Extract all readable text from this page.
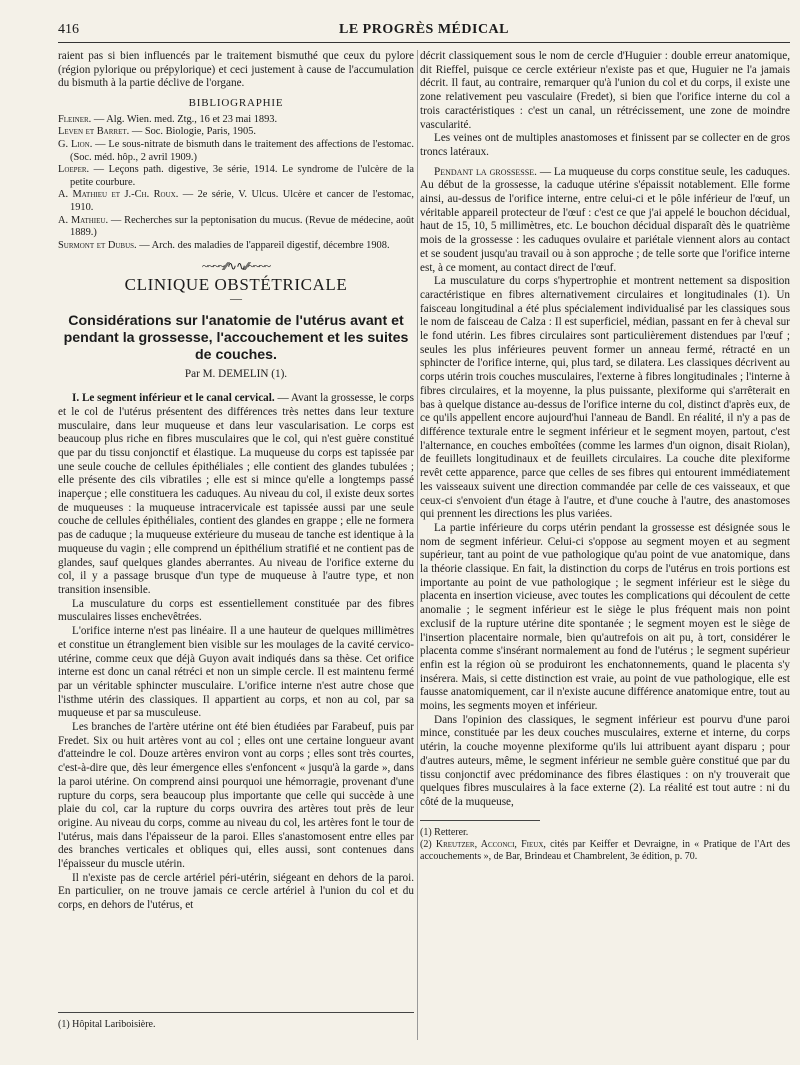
416	LE PROGRÈS MÉDICAL

raient pas si bien influencés par le traitement bismuthé que ceux du pylore (région pylorique ou prépylorique) et ceci justement à cause de l'accumulation du bismuth à la partie déclive de l'organe.

BIBLIOGRAPHIE

Fleiner. — Alg. Wien. med. Ztg., 16 et 23 mai 1893.

Leven et Barret. — Soc. Biologie, Paris, 1905.

G. Lion. — Le sous-nitrate de bismuth dans le traitement des affections de l'estomac. (Soc. méd. hôp., 2 avril 1909.)

Loeper. — Leçons path. digestive, 3e série, 1914. Le syndrome de l'ulcère de la petite courbure.

A. Mathieu et J.-Ch. Roux. — 2e série, V. Ulcus. Ulcère et cancer de l'estomac, 1910.

A. Mathieu. — Recherches sur la peptonisation du mucus. (Revue de médecine, août 1889.)

Surmont et Dubus. — Arch. des maladies de l'appareil digestif, décembre 1908.

~~~~∕∕∕∿∿∕∕∕~~~~
CLINIQUE OBSTÉTRICALE
—
Considérations sur l'anatomie de l'utérus avant et pendant la grossesse, l'accouchement et les suites de couches.
Par M. DEMELIN (1).

I. Le segment inférieur et le canal cervical. — Avant la grossesse, le corps et le col de l'utérus présentent des différences très nettes dans leur texture musculaire, dans leur muqueuse et dans leur vascularisation. Le corps est beaucoup plus riche en fibres musculaires que le col, qui n'est guère constitué que par du tissu conjonctif et élastique. La muqueuse du corps est tapissée par une seule couche de cellules épithéliales ; elle contient des glandes tubulées ; elle présente des cils vibratiles ; elle est si mince qu'elle a longtemps passé inaperçue ; elle constituera les caduques. Au niveau du col, il existe deux sortes de muqueuses : la muqueuse intracervicale est tapissée aussi par une seule couche de cellules épithéliales, contient des glandes en grappe ; elle ne formera pas de caduque ; la muqueuse extérieure du museau de tanche est identique à la muqueuse du vagin ; elle comprend un épithélium stratifié et ne contient pas de glandes, sauf quelques glandes aberrantes. Au niveau de l'orifice externe du col, il y a passage brusque d'un type de muqueuse à l'autre type, et non transition insensible.

La musculature du corps est essentiellement constituée par des fibres musculaires lisses enchevêtrées.

L'orifice interne n'est pas linéaire. Il a une hauteur de quelques millimètres et constitue un étranglement bien visible sur les moulages de la cavité cervico-utérine, comme ceux que déjà Guyon avait indiqués dans sa thèse. Cet orifice interne est donc un canal rétréci et non un simple cercle. Il est maintenu fermé par un véritable sphincter musculaire. L'orifice interne n'est autre chose que l'isthme utérin des classiques. Il appartient au corps, et non au col, par sa muqueuse et par sa musculeuse.

Les branches de l'artère utérine ont été bien étudiées par Farabeuf, puis par Fredet. Six ou huit artères vont au col ; elles ont une certaine longueur avant d'atteindre le col. Douze artères environ vont au corps ; elles sont très courtes, c'est-à-dire que, dès leur émergence elles s'enfoncent « jusqu'à la garde », dans la paroi utérine. On comprend ainsi pourquoi une hémorragie, provenant d'une rupture du corps, sera beaucoup plus importante que celle qui succède à une plaie du col, car la rupture du corps ouvrira des artères tout près de leur origine. Au niveau du corps, comme au niveau du col, les artères font le tour de l'utérus, mais dans l'épaisseur de la paroi. Elles s'anastomosent entre elles par des branches verticales et obliques qui, elles aussi, sont contenues dans l'épaisseur du muscle utérin.

Il n'existe pas de cercle artériel péri-utérin, siégeant en dehors de la paroi. En particulier, on ne trouve jamais ce cercle artériel à l'union du col et du corps, en dehors de l'utérus, et

(1) Hôpital Lariboisière.

décrit classiquement sous le nom de cercle d'Huguier : double erreur anatomique, dit Rieffel, puisque ce cercle extérieur n'existe pas et que, Huguier ne l'a jamais décrit. Il faut, au contraire, remarquer qu'à l'union du col et du corps, il existe une zone relativement peu vasculaire (Fredet), si bien que l'orifice interne du col a trois caractéristiques : c'est un canal, un rétrécissement, une zone de moindre vascularité.

Les veines ont de multiples anastomoses et finissent par se collecter en de gros troncs latéraux.

Pendant la grossesse. — La muqueuse du corps constitue seule, les caduques. Au début de la grossesse, la caduque utérine s'épaissit notablement. Elle forme ainsi, au-dessus de l'orifice interne, entre celui-ci et le pôle inférieur de l'œuf, un véritable appareil protecteur de l'œuf : c'est ce que j'ai appelé le bouchon décidual, haut de 15, 10, 5 millimètres, etc. Le bouchon décidual disparaît dès le quatrième mois de la grossesse : les caduques ovulaire et pariétale viennent alors au contact et se soudent jusqu'au travail ou à son approche ; de telle sorte que l'orifice interne est, à ce moment, au contact direct de l'œuf.

La musculature du corps s'hypertrophie et montrent nettement sa disposition caractéristique en fibres alternativement circulaires et longitudinales (1). Un faisceau longitudinal a été plus spécialement individualisé par les classiques sous le nom de faisceau de Calza : Il est superficiel, médian, passant en fer à cheval sur le fond utérin. Les fibres circulaires sont particulièrement distendues par l'œuf ; seules les plus inférieures peuvent former un anneau fermé, rétracté en un sphincter de l'orifice interne, qui, plus tard, se dilatera. Les classiques décrivent au corps utérin trois couches musculaires, l'externe à fibres longitudinales ; l'interne à fibres circulaires, et la moyenne, la plus puissante, plexiforme qui s'arrêterait en bas à quelque distance au-dessus de l'orifice interne du col, distinct d'après eux, de ce qu'ils appellent encore aujourd'hui l'anneau de Bandl. En réalité, il n'y a pas de différence texturale entre le segment inférieur et le segment moyen, partout, c'est l'alternance, en couches emboîtées (comme les larmes d'un oignon, disait Riolan), de feuillets longitudinaux et de feuillets circulaires. La couche dite plexiforme revêt cette apparence, parce que celles de ses fibres qui entourent immédiatement les vaisseaux suivent une direction commandée par celle de ces vaisseaux, et que ceux-ci s'envoient d'un étage à l'autre, et d'une couche à l'autre, des anastomoses qui prennent les directions les plus variées.

La partie inférieure du corps utérin pendant la grossesse est désignée sous le nom de segment inférieur. Celui-ci s'oppose au segment moyen et au segment supérieur, tant au point de vue pathologique qu'au point de vue anatomique, dans la théorie classique. En fait, la distinction du corps de l'utérus en trois portions est importante au point de vue pathologique ; le segment inférieur est le siège du placenta en insertion vicieuse, avec toutes les complications qui découlent de cette anomalie ; le segment inférieur est le siège le plus fréquent mais non point exclusif de la rupture utérine dite spontanée ; le segment moyen est le siège de l'insertion placentaire normale, bien qu'autrefois on ait pu, à tort, considérer le placenta comme s'insérant normalement au fond de l'utérus ; le segment supérieur enfin est la région où se produiront les enchatonnements, quand le placenta s'y insérera. Mais, si cette distinction est vraie, au point de vue pathologique, elle est fausse anatomiquement, car il n'existe aucune différence anatomique entre, tout au moins, les segments moyen et inférieur.

Dans l'opinion des classiques, le segment inférieur est pourvu d'une paroi mince, constituée par les deux couches musculaires, externe et interne, du corps utérin, la couche moyenne plexiforme qu'ils lui attribuent ayant disparu ; pour d'autres auteurs, même, le segment inférieur ne semble guère constitué que par du tissu conjonctif avec prédominance des fibres élastiques : on n'y trouverait que quelques fibres musculaires à la face externe (2). La réalité est tout autre : ni du côté de la muqueuse,

(1) Retterer.

(2) Kreutzer, Acconci, Fieux, cités par Keiffer et Devraigne, in « Pratique de l'Art des accouchements », de Bar, Brindeau et Chambrelent, 3e édition, p. 70.
